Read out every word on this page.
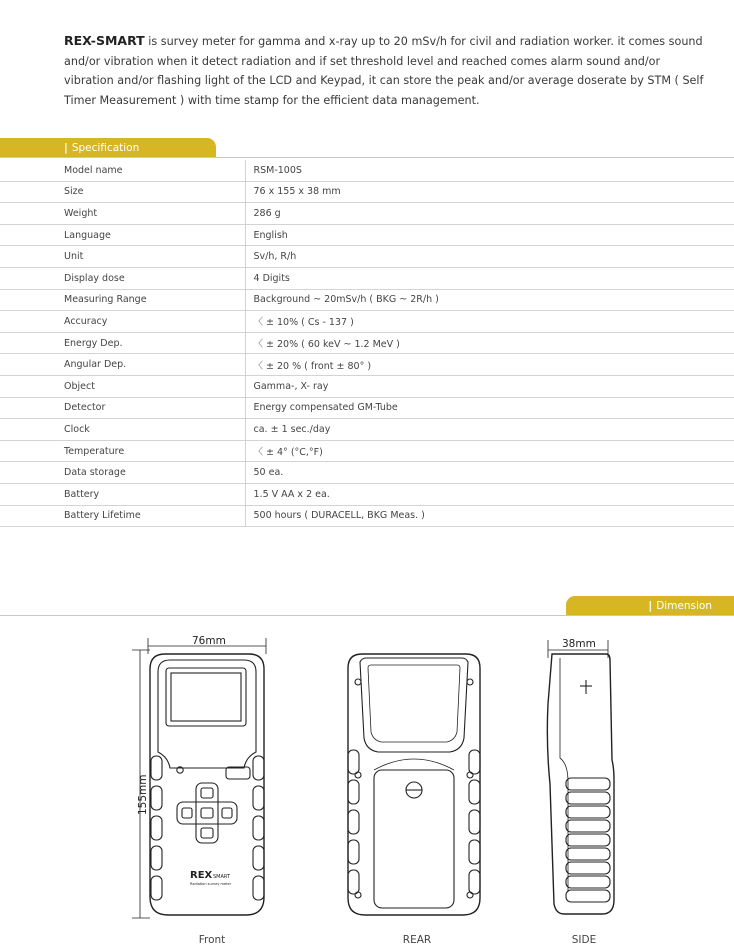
REX-SMART is survey meter for gamma and x-ray up to 20 mSv/h for civil and radiation worker. it comes sound and/or vibration when it detect radiation and if set threshold level and reached comes alarm sound and/or vibration and/or flashing light of the LCD and Keypad, it can store the peak and/or average doserate by STM ( Self Timer Measurement ) with time stamp for the efficient data management.

| Specification
Model name	RSM-100S
Size	76 x 155 x 38 mm
Weight	286 g
Language	English
Unit	Sv/h, R/h
Display dose	4 Digits
Measuring Range	Background ~ 20mSv/h ( BKG ~ 2R/h )
Accuracy	〈 ± 10% ( Cs - 137 )
Energy Dep.	〈 ± 20% ( 60 keV ~ 1.2 MeV )
Angular Dep.	〈 ± 20 % ( front ± 80° )
Object	Gamma-, X- ray
Detector	Energy compensated GM-Tube
Clock	ca. ± 1 sec./day
Temperature	〈 ± 4° (°C,°F)
Data storage	50 ea.
Battery	1.5 V AA x 2 ea.
Battery Lifetime	500 hours ( DURACELL, BKG Meas. )
| Dimension
76mm
155mm
REX SMART
Radiation survey meter
38mm
Front	REAR	SIDE
